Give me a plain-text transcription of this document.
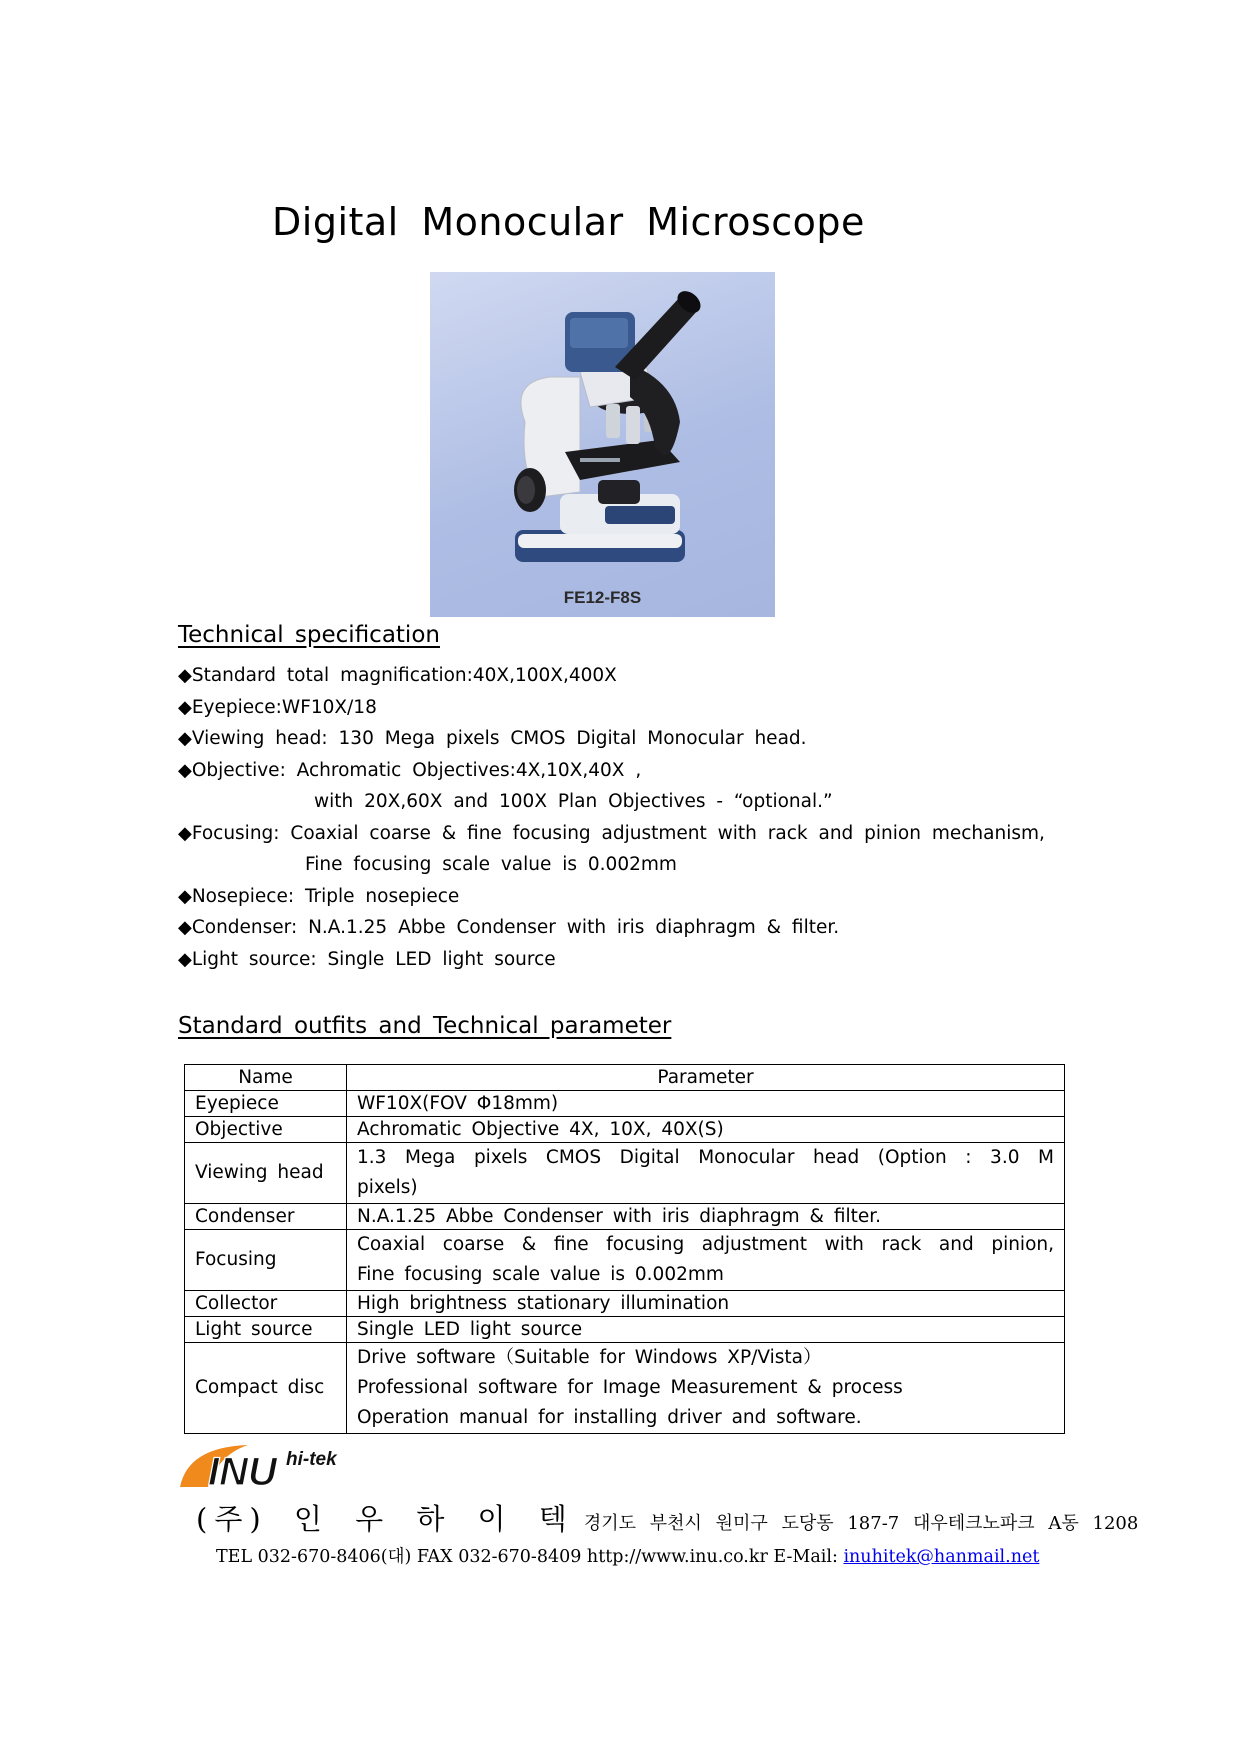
Digital Monocular Microscope
FE12-F8S
Technical specification
◆Standard total magnification:40X,100X,400X
◆Eyepiece:WF10X/18
◆Viewing head: 130 Mega pixels CMOS Digital Monocular head.
◆Objective: Achromatic Objectives:4X,10X,40X ,
with 20X,60X and 100X Plan Objectives - “optional.”
◆Focusing: Coaxial coarse & fine focusing adjustment with rack and pinion mechanism,
Fine focusing scale value is 0.002mm
◆Nosepiece: Triple nosepiece
◆Condenser: N.A.1.25 Abbe Condenser with iris diaphragm & filter.
◆Light source: Single LED light source
Standard outfits and Technical parameter
Name	Parameter
Eyepiece	WF10X(FOV Φ18mm)

Objective	Achromatic Objective 4X, 10X, 40X(S)

Viewing head	1.3 Mega pixels CMOS Digital Monocular head (Option : 3.0 M
pixels)

Condenser	N.A.1.25 Abbe Condenser with iris diaphragm & filter.

Focusing	Coaxial coarse & fine focusing adjustment with rack and pinion,
Fine focusing scale value is 0.002mm

Collector	High brightness stationary illumination

Light source	Single LED light source

Compact disc	Drive software（Suitable for Windows XP/Vista）
Professional software for Image Measurement & process
Operation manual for installing driver and software.
INU hi-tek
(주) 인 우 하 이 텍 경기도 부천시 원미구 도당동 187-7 대우테크노파크 A동 1208
TEL 032-670-8406(대) FAX 032-670-8409 http://www.inu.co.kr E-Mail: inuhitek@hanmail.net
